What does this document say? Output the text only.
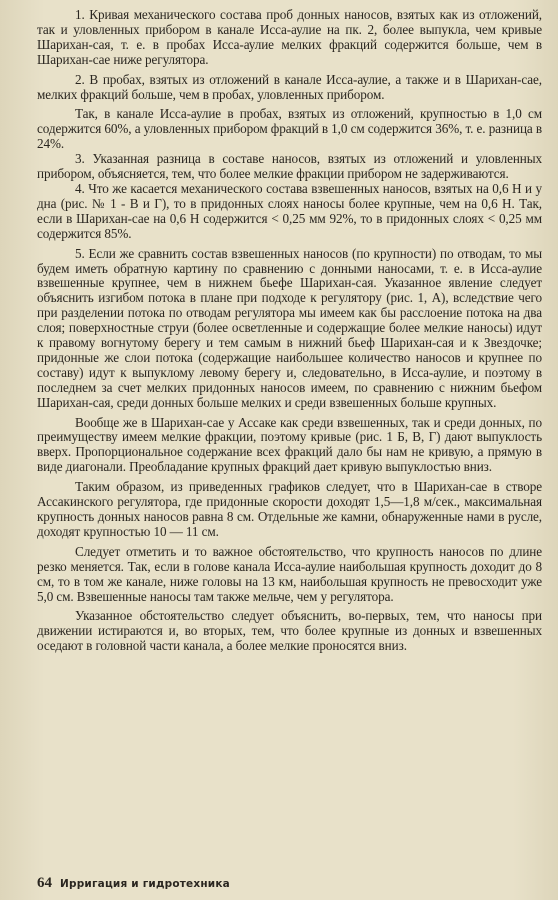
1. Кривая механического состава проб донных наносов, взятых как из отложений, так и уловленных прибором в канале Исса-аулие на пк. 2, более выпукла, чем кривые Шарихан-сая, т. е. в пробах Исса-аулие мелких фракций содержится больше, чем в Шарихан-сае ниже регулятора.

2. В пробах, взятых из отложений в канале Исса-аулие, а также и в Шарихан-сае, мелких фракций больше, чем в пробах, уловленных прибором.

Так, в канале Исса-аулие в пробах, взятых из отложений, крупностью в 1,0 см содержится 60%, а уловленных прибором фракций в 1,0 см содержится 36%, т. е. разница в 24%.

3. Указанная разница в составе наносов, взятых из отложений и уловленных прибором, объясняется, тем, что более мелкие фракции прибором не задерживаются.

4. Что же касается механического состава взвешенных наносов, взятых на 0,6 Н и у дна (рис. № 1 - В и Г), то в придонных слоях наносы более крупные, чем на 0,6 Н. Так, если в Шарихан-сае на 0,6 Н содержится < 0,25 мм 92%, то в придонных слоях < 0,25 мм содержится 85%.

5. Если же сравнить состав взвешенных наносов (по крупности) по отводам, то мы будем иметь обратную картину по сравнению с донными наносами, т. е. в Исса-аулие взвешенные крупнее, чем в нижнем бьефе Шарихан-сая. Указанное явление следует объяснить изгибом потока в плане при подходе к регулятору (рис. 1, А), вследствие чего при разделении потока по отводам регулятора мы имеем как бы расслоение потока на два слоя; поверхностные струи (более осветленные и содержащие более мелкие наносы) идут к правому вогнутому берегу и тем самым в нижний бьеф Шарихан-сая и к Звездочке; придонные же слои потока (содержащие наибольшее количество наносов и крупнее по составу) идут к выпуклому левому берегу и, следовательно, в Исса-аулие, и поэтому в последнем за счет мелких придонных наносов имеем, по сравнению с нижним бьефом Шарихан-сая, среди донных больше мелких и среди взвешенных больше крупных.

Вообще же в Шарихан-сае у Ассаке как среди взвешенных, так и среди донных, по преимуществу имеем мелкие фракции, поэтому кривые (рис. 1 Б, В, Г) дают выпуклость вверх. Пропорциональное содержание всех фракций дало бы нам не кривую, а прямую в виде диагонали. Преобладание крупных фракций дает кривую выпуклостью вниз.

Таким образом, из приведенных графиков следует, что в Шарихан-сае в створе Ассакинского регулятора, где придонные скорости доходят 1,5—1,8 м/сек., максимальная крупность донных наносов равна 8 см. Отдельные же камни, обнаруженные нами в русле, доходят крупностью 10 — 11 см.

Следует отметить и то важное обстоятельство, что крупность наносов по длине резко меняется. Так, если в голове канала Исса-аулие наибольшая крупность доходит до 8 см, то в том же канале, ниже головы на 13 км, наибольшая крупность не превосходит уже 5,0 см. Взвешенные наносы там также мельче, чем у регулятора.

Указанное обстоятельство следует объяснить, во-первых, тем, что наносы при движении истираются и, во вторых, тем, что более крупные из донных и взвешенных оседают в головной части канала, а более мелкие проносятся вниз.

64 Ирригация и гидротехника
